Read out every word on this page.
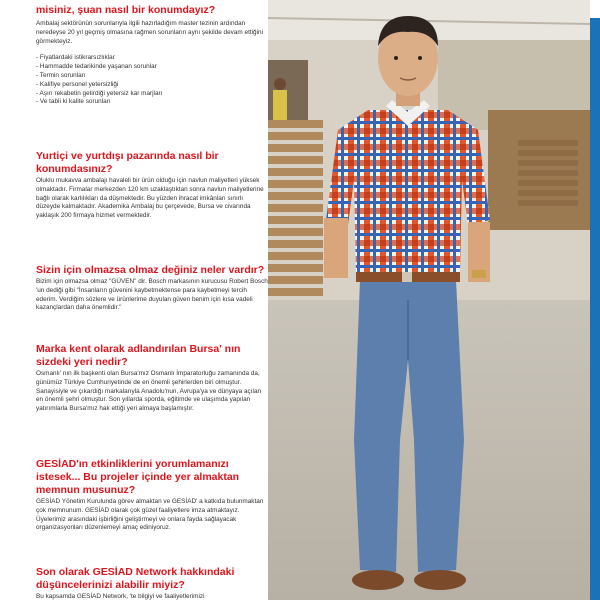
misiniz, şuan nasıl bir konumdayız?

Ambalaj sektörünün sorunlarıyla ilgili hazırladığım master tezinin ardından neredeyse 20 yıl geçmiş olmasına rağmen sorunların aynı şekilde devam ettiğini görmekteyiz.

- Fiyatlardaki istikrarsızlıklar
- Hammadde tedarikinde yaşanan sorunlar
- Termin sorunları
- Kalifiye personel yetersizliği
- Aşırı rekabetin getirdiği yetersiz kar marjları
- Ve tabii ki kalite sorunları

Yurtiçi ve yurtdışı pazarında nasıl bir konumdasınız?

Oluklu mukavva ambalajı havaleli bir ürün olduğu için navlun maliyetleri yüksek olmaktadır. Firmalar merkezden 120 km uzaklaştıktan sonra navlun maliyetlerine bağlı olarak karlılıkları da düşmektedir. Bu yüzden ihracat imkânları sınırlı düzeyde kalmaktadır. Akademika Ambalaj bu çerçevede, Bursa ve civarında yaklaşık 200 firmaya hizmet vermektedir.

Sizin için olmazsa olmaz değiniz neler vardır?

Bizim için olmazsa olmaz "GÜVEN" dir. Bosch markasının kurucusu Robert Bosch 'un dediği gibi "İnsanların güvenini kaybetmektense para kaybetmeyi tercih ederim. Verdiğim sözlere ve ürünlerime duyulan güven benim için kısa vadeli kazançlardan daha önemlidir."

Marka kent olarak adlandırılan Bursa' nın sizdeki yeri nedir?

Osmanlı' nın ilk başkenti olan Bursa'mız Osmanlı İmparatorluğu zamanında da, günümüz Türkiye Cumhuriyetinde de en önemli şehirlerden biri olmuştur. Sanayisiyle ve çıkardığı markalarıyla Anadolu'nun, Avrupa'ya ve dünyaya açılan en önemli şehri olmuştur. Son yıllarda sporda, eğitimde ve ulaşımda yapılan yatırımlarla Bursa'mız hak ettiği yeri almaya başlamıştır.

GESİAD'ın etkinliklerini yorumlamanızı istesek... Bu projeler içinde yer almaktan memnun musunuz?

GESİAD Yönetim Kurulunda görev almaktan ve GESİAD' a katkıda bulunmaktan çok memnunum. GESİAD olarak çok güzel faaliyetlere imza atmaktayız. Üyelerimiz arasındaki işbirliğini geliştirmeyi ve onlara fayda sağlayacak organizasyonları düzenlemeyi amaç ediniyoruz.

Son olarak GESİAD Network hakkındaki düşüncelerinizi alabilir miyiz?

Bu kapsamda GESİAD Network, 'te bilgiyi ve faaliyetlerimizi
